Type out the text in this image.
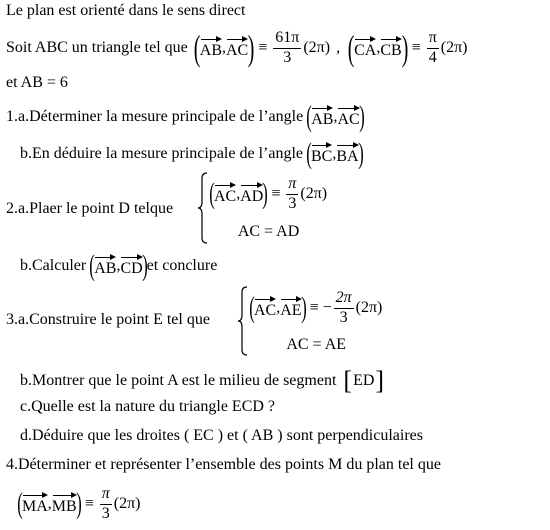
Le plan est orienté dans le sens direct
Soit ABC un triangle tel que ( AB , AC ) ≡ $\frac{61\pi}{3} (2\pi)$ , ( CA , CB ) ≡ $\frac{\pi}{4} (2\pi)$
et AB = 6
1.a.Déterminer la mesure principale de l’angle ( AB , AC )
b.En déduire la mesure principale de l’angle ( BC , BA )
2.a.Plaer le point D telque ( AC , AD ) ≡ $\frac{\pi}{3} (2\pi)$
AC = AD
b.Calculer ( AB , CD ) et conclure
3.a.Construire le point E tel que ( AC , AE ) ≡ − $\frac{2\pi}{3} (2\pi)$
AC = AE
b.Montrer que le point A est le milieu de segment [ ED ]
c.Quelle est la nature du triangle ECD ?
d.Déduire que les droites ( EC ) et ( AB ) sont perpendiculaires
4.Déterminer et représenter l’ensemble des points M du plan tel que
( MA , MB ) ≡ $\frac{\pi}{3} (2\pi)$
